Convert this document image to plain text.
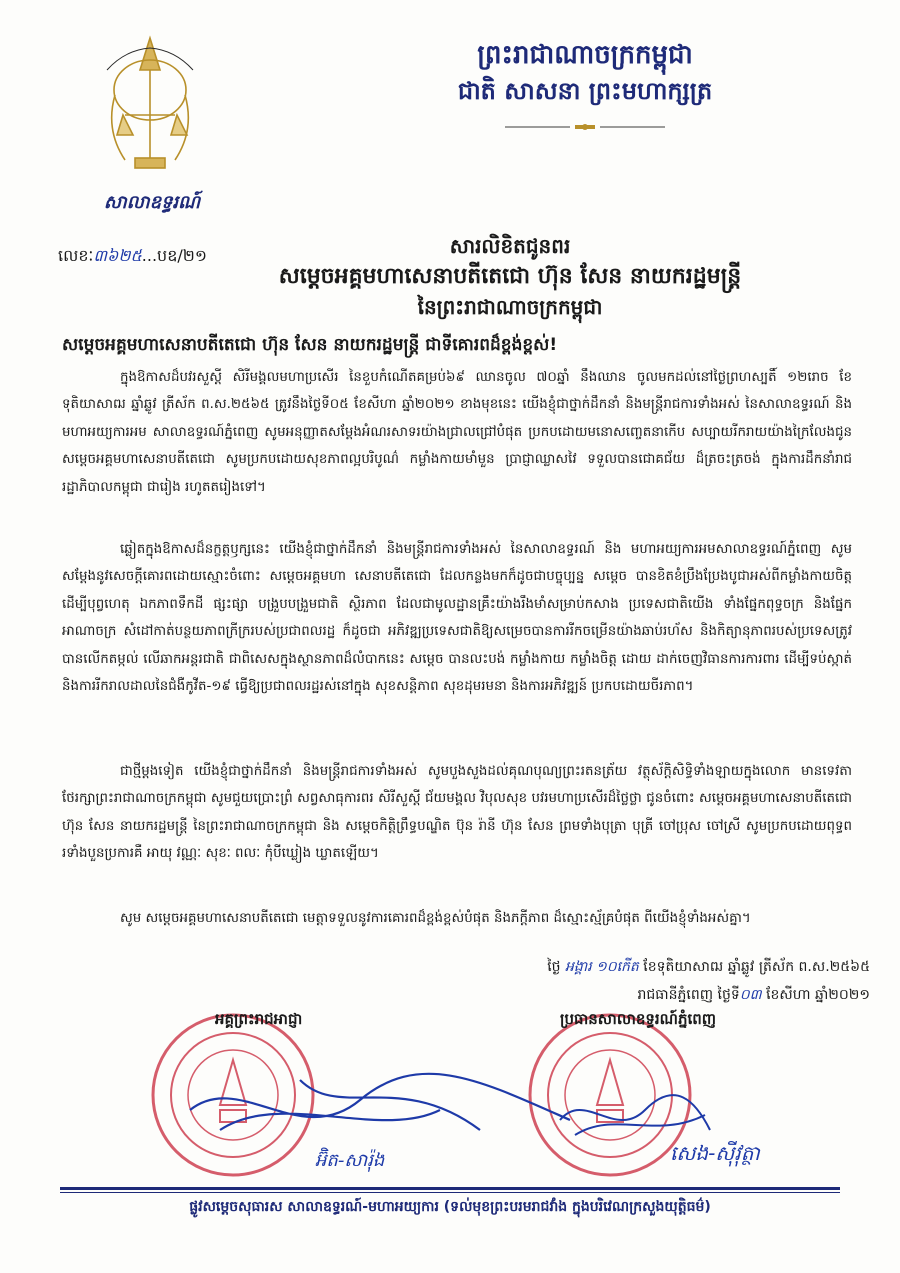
ព្រះរាជាណាចក្រកម្ពុជា
ជាតិ សាសនា ព្រះមហាក្សត្រ
សាលាឧទ្ធរណ៍
លេខៈ៣៦២៥...បឧ/២១	សារលិខិតជូនពរ
សម្តេចអគ្គមហាសេនាបតីតេជោ ហ៊ុន សែន នាយករដ្ឋមន្ត្រី
នៃព្រះរាជាណាចក្រកម្ពុជា
សម្តេចអគ្គមហាសេនាបតីតេជោ ហ៊ុន សែន នាយករដ្ឋមន្ត្រី ជាទីគោរពដ៏ខ្ពង់ខ្ពស់!
ក្នុងឱកាសដ៏បវរសួស្តី សិរីមង្គលមហាប្រសើរ នៃខួបកំណើតគម្រប់៦៩ ឈានចូល ៧០ឆ្នាំ នឹងឈាន ចូលមកដល់នៅថ្ងៃព្រហស្បតិ៍ ១២រោច ខែទុតិយាសាឍ ឆ្នាំឆ្លូវ ត្រីស័ក ព.ស.២៥៦៥ ត្រូវនឹងថ្ងៃទី០៥ ខែសីហា ឆ្នាំ២០២១ ខាងមុខនេះ យើងខ្ញុំជាថ្នាក់ដឹកនាំ និងមន្ត្រីរាជការទាំងអស់ នៃសាលាឧទ្ធរណ៍ និងមហាអយ្យការអម សាលាឧទ្ធរណ៍ភ្នំពេញ សូមអនុញ្ញាតសម្តែងអំណរសាទរយ៉ាងជ្រាលជ្រៅបំផុត ប្រកបដោយមនោសញ្ចេតនាកើប សប្បាយរីករាយយ៉ាងក្រៃលែងជូន សម្តេចអគ្គមហាសេនាបតីតេជោ សូមប្រកបដោយសុខភាពល្អបរិបូណ៌ កម្លាំងកាយមាំមួន ប្រាជ្ញាឈ្លាសវៃ ទទួលបានជោគជ័យ ដ៏ត្រចះត្រចង់ ក្នុងការដឹកនាំរាជរដ្ឋាភិបាលកម្ពុជា ជារៀង រហូតតរៀងទៅ។
ឆ្លៀតក្នុងឱកាសដ៏នក្ខត្តឫក្សនេះ យើងខ្ញុំជាថ្នាក់ដឹកនាំ និងមន្ត្រីរាជការទាំងអស់ នៃសាលាឧទ្ធរណ៍ និង មហាអយ្យការអមសាលាឧទ្ធរណ៍ភ្នំពេញ សូមសម្តែងនូវសេចក្តីគោរពដោយស្មោះចំពោះ សម្តេចអគ្គមហា សេនាបតីតេជោ ដែលកន្លងមកក៏ដូចជាបច្ចុប្បន្ន សម្តេច បានខិតខំប្រឹងប្រែងបូជាអស់ពីកម្លាំងកាយចិត្ត ដើម្បីបុព្វហេតុ ឯកភាពទឹកដី ផ្សះផ្សា បង្រួបបង្រួមជាតិ ស្ថិរភាព ដែលជាមូលដ្ឋានគ្រឹះយ៉ាងរឹងមាំសម្រាប់កសាង ប្រទេសជាតិយើង ទាំងផ្នែកពុទ្ធចក្រ និងផ្នែកអាណាចក្រ សំដៅកាត់បន្ថយភាពក្រីក្ររបស់ប្រជាពលរដ្ឋ ក៏ដូចជា អភិវឌ្ឍប្រទេសជាតិឱ្យសម្រេចបានការរីកចម្រើនយ៉ាងឆាប់រហ័ស និងកិត្យានុភាពរបស់ប្រទេសត្រូវបានលើកតម្កល់ លើឆាកអន្តរជាតិ ជាពិសេសក្នុងស្ថានភាពដ៏លំបាកនេះ សម្តេច បានលះបង់ កម្លាំងកាយ កម្លាំងចិត្ត ដោយ ដាក់ចេញវិធានការការពារ ដើម្បីទប់ស្កាត់ និងការរីករាលដាលនៃជំងឺកូវីត-១៩ ធ្វើឱ្យប្រជាពលរដ្ឋរស់នៅក្នុង សុខសន្តិភាព សុខដុមរមនា និងការអភិវឌ្ឍន៍ ប្រកបដោយចីរភាព។
ជាថ្មីម្តងទៀត យើងខ្ញុំជាថ្នាក់ដឹកនាំ និងមន្ត្រីរាជការទាំងអស់ សូមបួងសួងដល់គុណបុណ្យព្រះរតនត្រ័យ វត្ថុស័ក្តិសិទ្ធិទាំងឡាយក្នុងលោក មានទេវតាថែរក្សាព្រះរាជាណាចក្រកម្ពុជា សូមជួយប្រោះព្រំ សព្វសាធុការពរ សិរីសួស្តី ជ័យមង្គល វិបុលសុខ បវរមហាប្រសើរដ៏ថ្លៃថ្លា ជូនចំពោះ សម្តេចអគ្គមហាសេនាបតីតេជោ ហ៊ុន សែន នាយករដ្ឋមន្ត្រី នៃព្រះរាជាណាចក្រកម្ពុជា និង សម្តេចកិត្តិព្រឹទ្ធបណ្ឌិត ប៊ុន រ៉ានី ហ៊ុន សែន ព្រមទាំងបុត្រា បុត្រី ចៅប្រុស ចៅស្រី សូមប្រកបដោយពុទ្ធពរទាំងបួនប្រការគឺ អាយុ វណ្ណៈ សុខៈ ពលៈ កុំបីឃ្លៀង ឃ្លាតឡើយ។
សូម សម្តេចអគ្គមហាសេនាបតីតេជោ មេត្តាទទួលនូវការគោរពដ៏ខ្ពង់ខ្ពស់បំផុត និងភក្តីភាព ដ៏ស្មោះស្ម័គ្របំផុត ពីយើងខ្ញុំទាំងអស់គ្នា។
ថ្ងៃ អង្គារ ១០កើត ខែទុតិយាសាឍ ឆ្នាំឆ្លូវ ត្រីស័ក ព.ស.២៥៦៥
រាជធានីភ្នំពេញ ថ្ងៃទី០៣ ខែសីហា ឆ្នាំ២០២១
អគ្គព្រះរាជអាជ្ញា	ប្រធានសាលាឧទ្ធរណ៍ភ្នំពេញ
អ៊ិត-សារ៉ុង	សេង-ស៊ីវុត្ថា
ផ្លូវសម្តេចសុធារស សាលាឧទ្ធរណ៍-មហាអយ្យការ (ទល់មុខព្រះបរមរាជវាំង ក្នុងបរិវេណក្រសួងយុត្តិធម៌)
